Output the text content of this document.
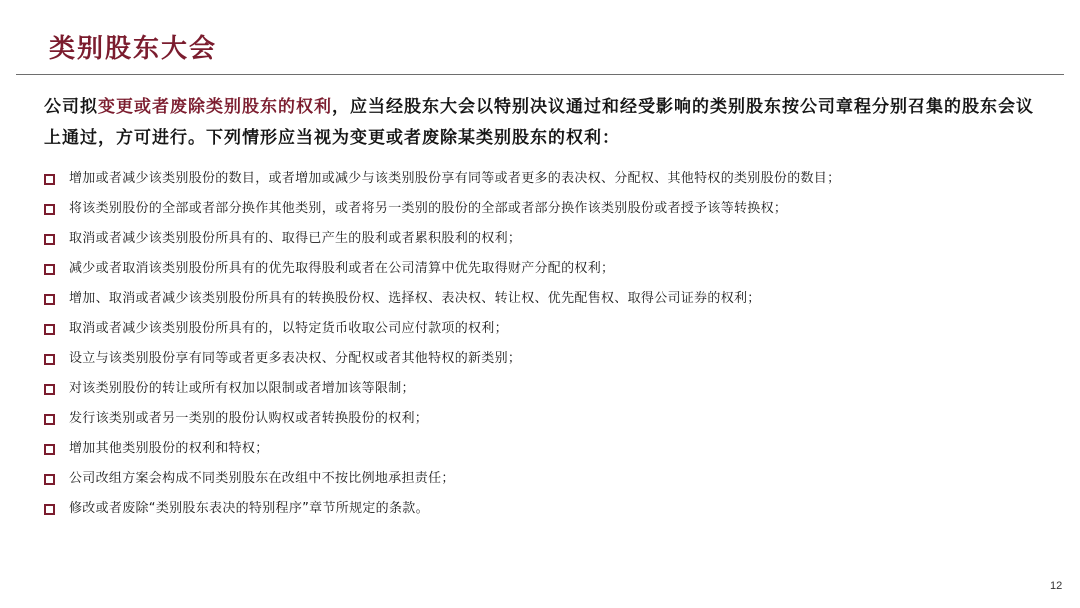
类别股东大会
公司拟变更或者废除类别股东的权利，应当经股东大会以特别决议通过和经受影响的类别股东按公司章程分别召集的股东会议上通过，方可进行。下列情形应当视为变更或者废除某类别股东的权利：
增加或者减少该类别股份的数目，或者增加或减少与该类别股份享有同等或者更多的表决权、分配权、其他特权的类别股份的数目；
将该类别股份的全部或者部分换作其他类别，或者将另一类别的股份的全部或者部分换作该类别股份或者授予该等转换权；
取消或者减少该类别股份所具有的、取得已产生的股利或者累积股利的权利；
减少或者取消该类别股份所具有的优先取得股利或者在公司清算中优先取得财产分配的权利；
增加、取消或者减少该类别股份所具有的转换股份权、选择权、表决权、转让权、优先配售权、取得公司证券的权利；
取消或者减少该类别股份所具有的，以特定货币收取公司应付款项的权利；
设立与该类别股份享有同等或者更多表决权、分配权或者其他特权的新类别；
对该类别股份的转让或所有权加以限制或者增加该等限制；
发行该类别或者另一类别的股份认购权或者转换股份的权利；
增加其他类别股份的权利和特权；
公司改组方案会构成不同类别股东在改组中不按比例地承担责任；
修改或者废除“类别股东表决的特别程序”章节所规定的条款。
12
